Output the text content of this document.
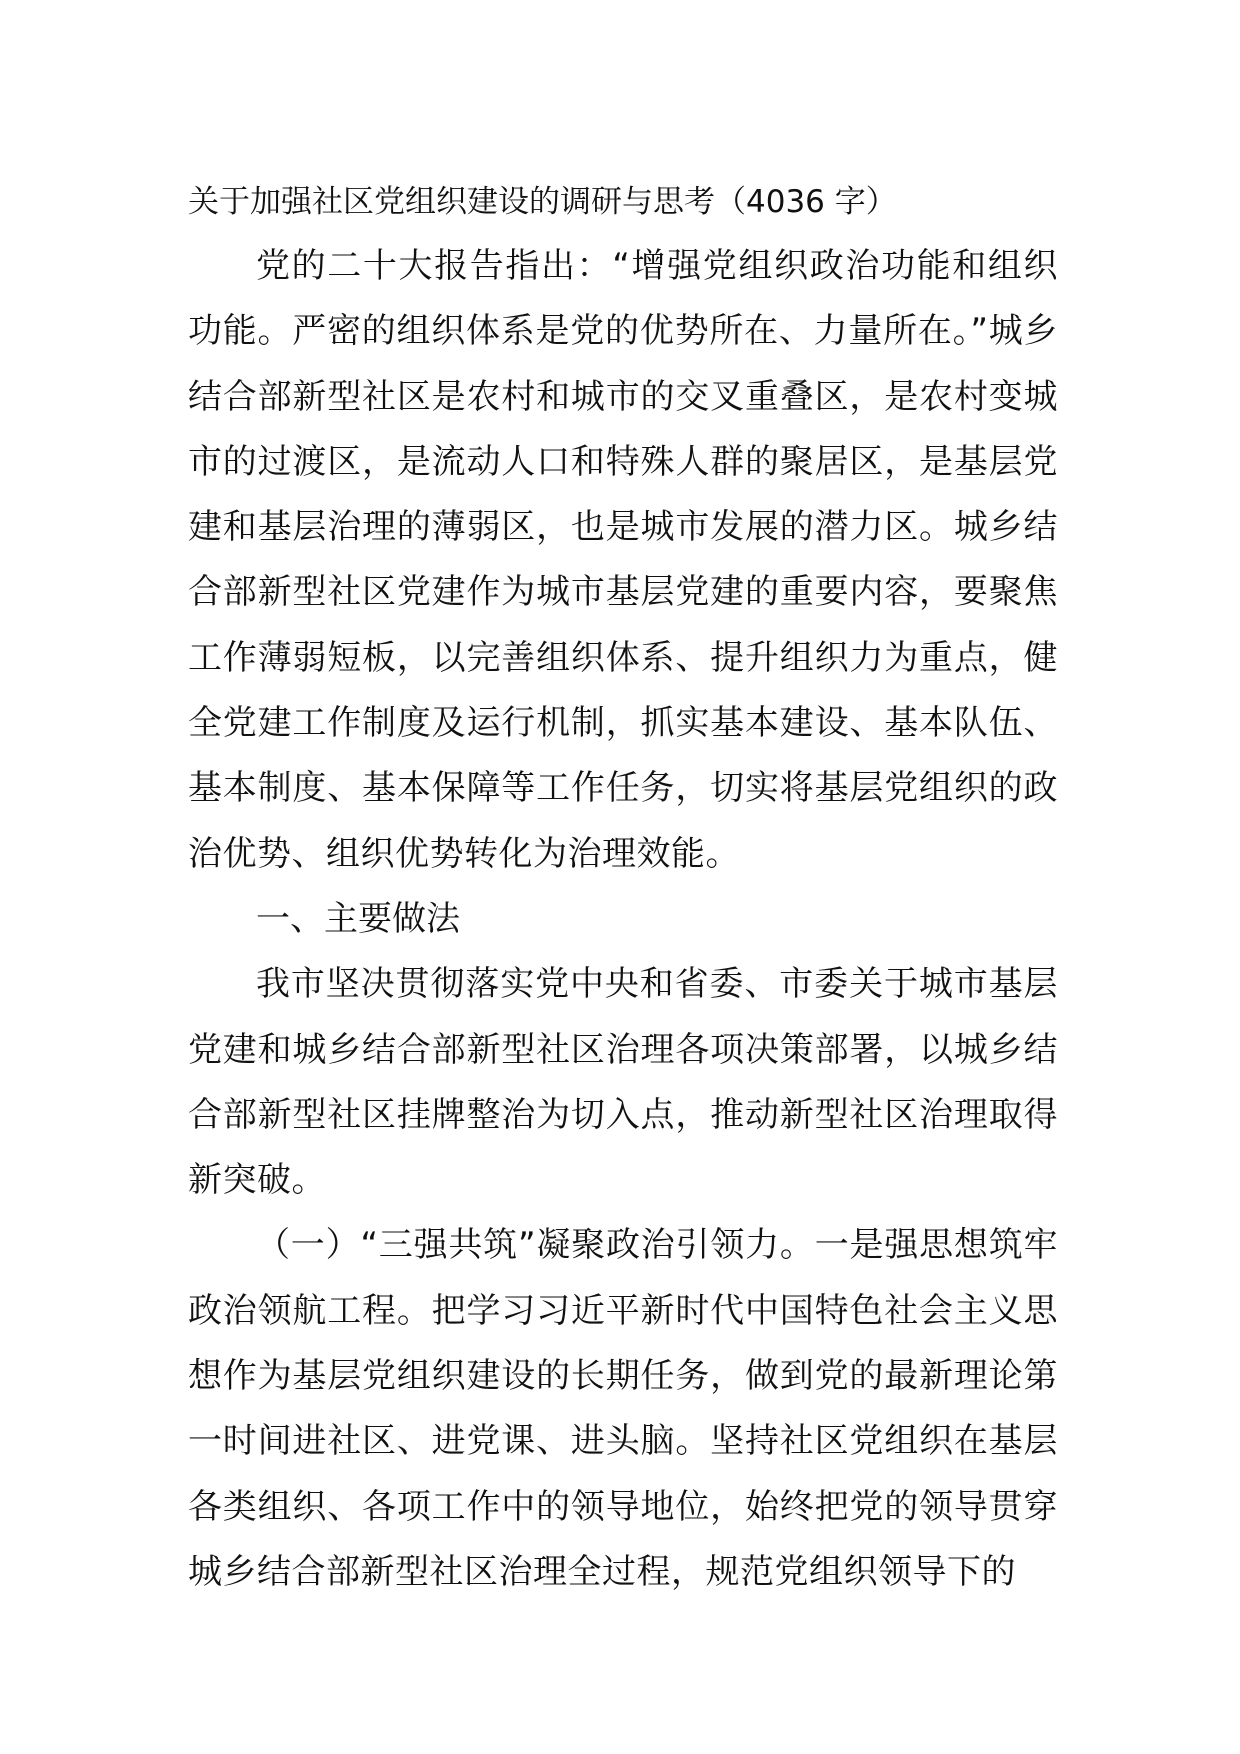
关于加强社区党组织建设的调研与思考（4036 字）

党的二十大报告指出：“增强党组织政治功能和组织功能。严密的组织体系是党的优势所在、力量所在。”城乡结合部新型社区是农村和城市的交叉重叠区，是农村变城市的过渡区，是流动人口和特殊人群的聚居区，是基层党建和基层治理的薄弱区，也是城市发展的潜力区。城乡结合部新型社区党建作为城市基层党建的重要内容，要聚焦工作薄弱短板，以完善组织体系、提升组织力为重点，健全党建工作制度及运行机制，抓实基本建设、基本队伍、基本制度、基本保障等工作任务，切实将基层党组织的政治优势、组织优势转化为治理效能。

一、主要做法

我市坚决贯彻落实党中央和省委、市委关于城市基层党建和城乡结合部新型社区治理各项决策部署，以城乡结合部新型社区挂牌整治为切入点，推动新型社区治理取得新突破。

（一）“三强共筑”凝聚政治引领力。一是强思想筑牢政治领航工程。把学习习近平新时代中国特色社会主义思想作为基层党组织建设的长期任务，做到党的最新理论第一时间进社区、进党课、进头脑。坚持社区党组织在基层各类组织、各项工作中的领导地位，始终把党的领导贯穿城乡结合部新型社区治理全过程，规范党组织领导下的
